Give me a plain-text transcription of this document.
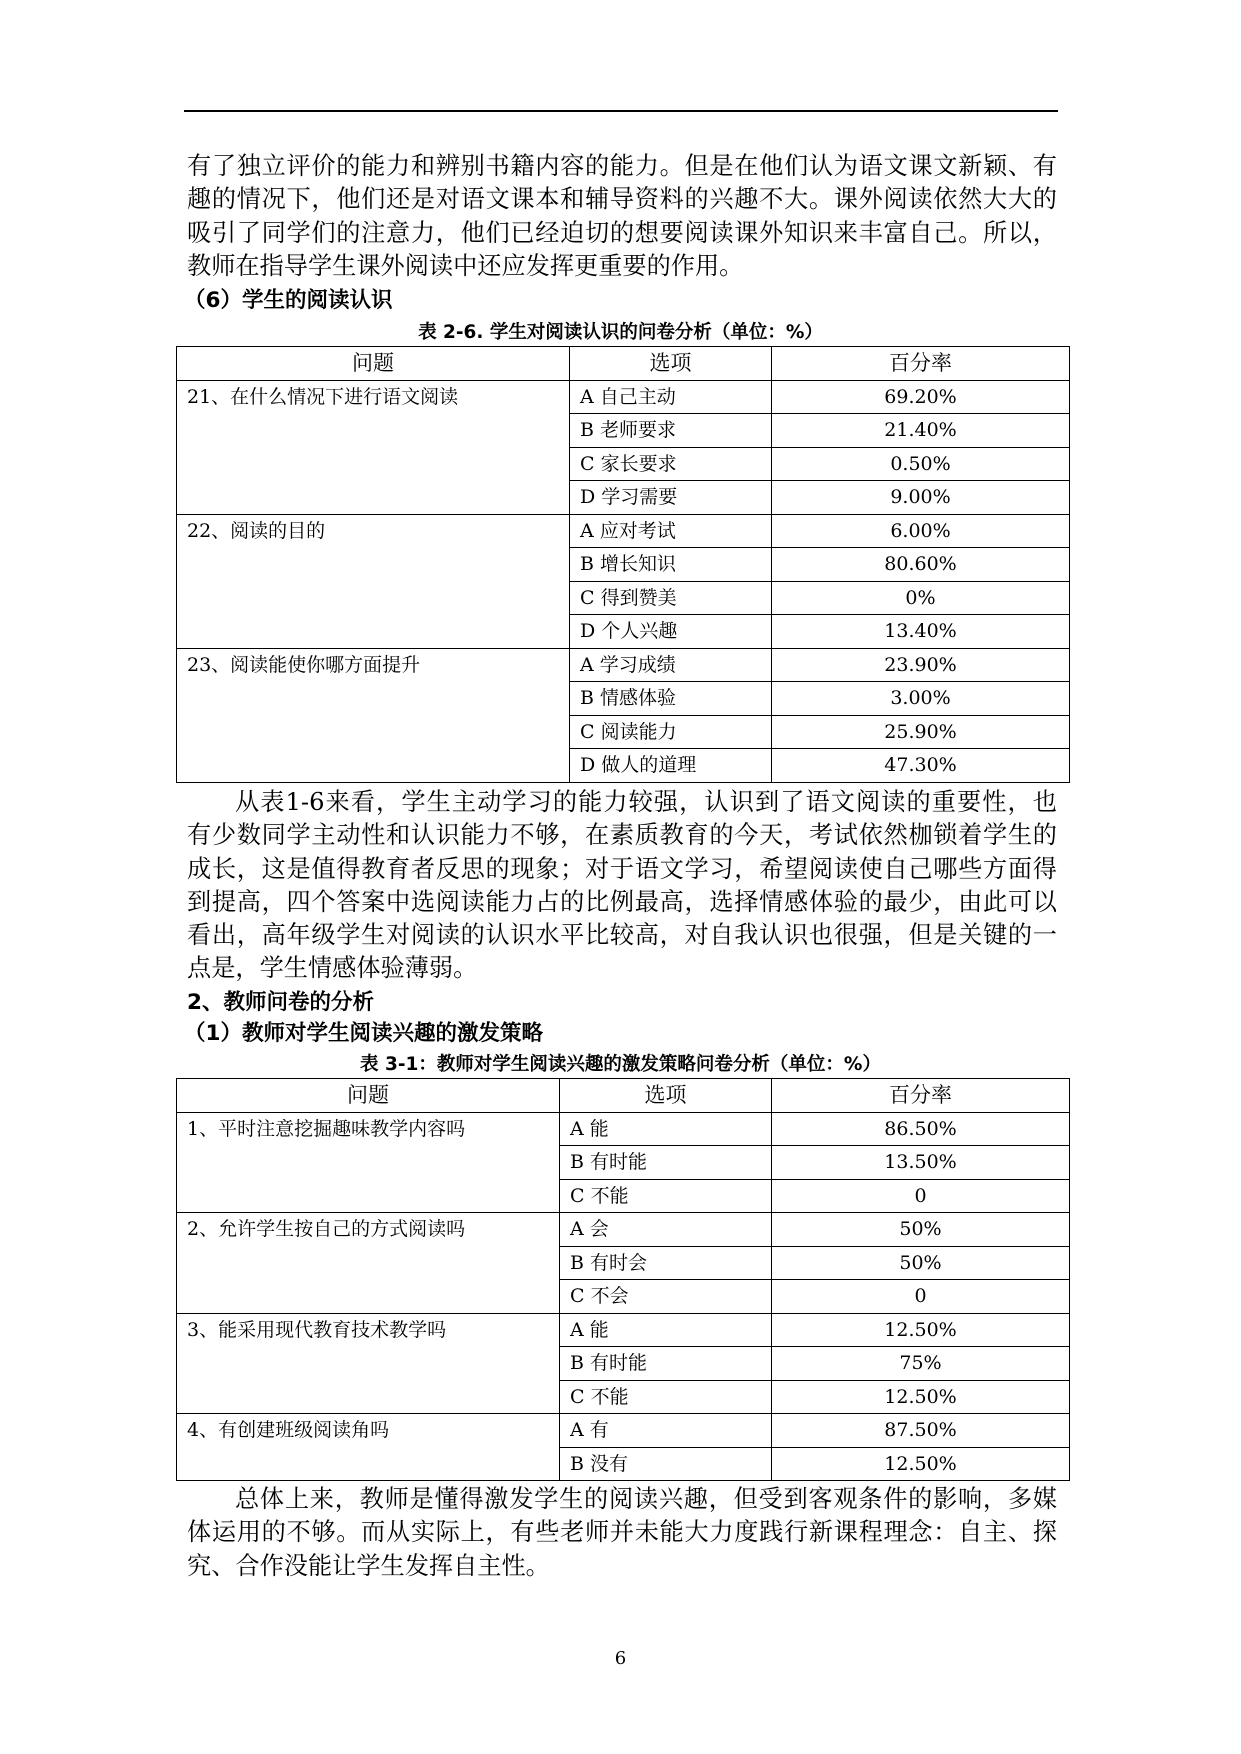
有了独立评价的能力和辨别书籍内容的能力。但是在他们认为语文课文新颖、有
趣的情况下，他们还是对语文课本和辅导资料的兴趣不大。课外阅读依然大大的
吸引了同学们的注意力，他们已经迫切的想要阅读课外知识来丰富自己。所以，
教师在指导学生课外阅读中还应发挥更重要的作用。
（6）学生的阅读认识

表 2-6. 学生对阅读认识的问卷分析（单位：%）

问题	选项	百分率
21、在什么情况下进行语文阅读	A 自己主动	69.20%
	B 老师要求	21.40%
	C 家长要求	0.50%
	D 学习需要	9.00%
22、阅读的目的	A 应对考试	6.00%
	B 增长知识	80.60%
	C 得到赞美	0%
	D 个人兴趣	13.40%
23、阅读能使你哪方面提升	A 学习成绩	23.90%
	B 情感体验	3.00%
	C 阅读能力	25.90%
	D 做人的道理	47.30%
从表1-6来看，学生主动学习的能力较强，认识到了语文阅读的重要性，也
有少数同学主动性和认识能力不够，在素质教育的今天，考试依然枷锁着学生的
成长，这是值得教育者反思的现象；对于语文学习，希望阅读使自己哪些方面得
到提高，四个答案中选阅读能力占的比例最高，选择情感体验的最少，由此可以
看出，高年级学生对阅读的认识水平比较高，对自我认识也很强，但是关键的一
点是，学生情感体验薄弱。
2、教师问卷的分析
（1）教师对学生阅读兴趣的激发策略

表 3-1：教师对学生阅读兴趣的激发策略问卷分析（单位：%）

问题	选项	百分率
1、平时注意挖掘趣味教学内容吗	A 能	86.50%
	B 有时能	13.50%
	C 不能	0
2、允许学生按自己的方式阅读吗	A 会	50%
	B 有时会	50%
	C 不会	0
3、能采用现代教育技术教学吗	A 能	12.50%
	B 有时能	75%
	C 不能	12.50%
4、有创建班级阅读角吗	A 有	87.50%
	B 没有	12.50%
总体上来，教师是懂得激发学生的阅读兴趣，但受到客观条件的影响，多媒
体运用的不够。而从实际上，有些老师并未能大力度践行新课程理念：自主、探
究、合作没能让学生发挥自主性。

6
